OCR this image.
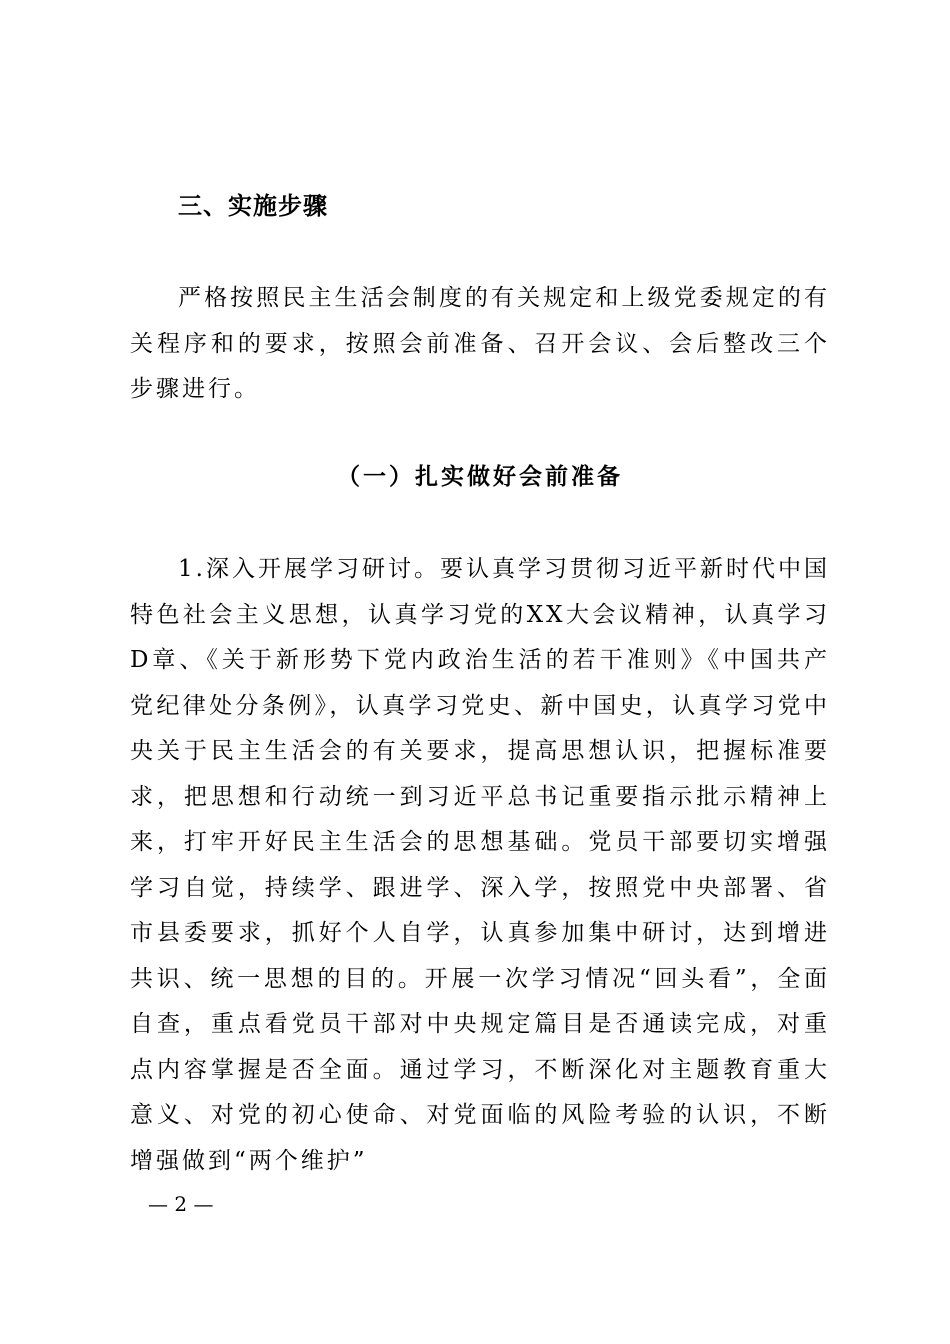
三、实施步骤

严格按照民主生活会制度的有关规定和上级党委规定的有关程序和的要求，按照会前准备、召开会议、会后整改三个步骤进行。

（一）扎实做好会前准备

1.深入开展学习研讨。要认真学习贯彻习近平新时代中国特色社会主义思想，认真学习党的XX大会议精神，认真学习D章、《关于新形势下党内政治生活的若干准则》《中国共产党纪律处分条例》，认真学习党史、新中国史，认真学习党中央关于民主生活会的有关要求，提高思想认识，把握标准要求，把思想和行动统一到习近平总书记重要指示批示精神上来，打牢开好民主生活会的思想基础。党员干部要切实增强学习自觉，持续学、跟进学、深入学，按照党中央部署、省市县委要求，抓好个人自学，认真参加集中研讨，达到增进共识、统一思想的目的。开展一次学习情况“回头看”，全面自查，重点看党员干部对中央规定篇目是否通读完成，对重点内容掌握是否全面。通过学习，不断深化对主题教育重大意义、对党的初心使命、对党面临的风险考验的认识，不断增强做到“两个维护”

— 2 —
